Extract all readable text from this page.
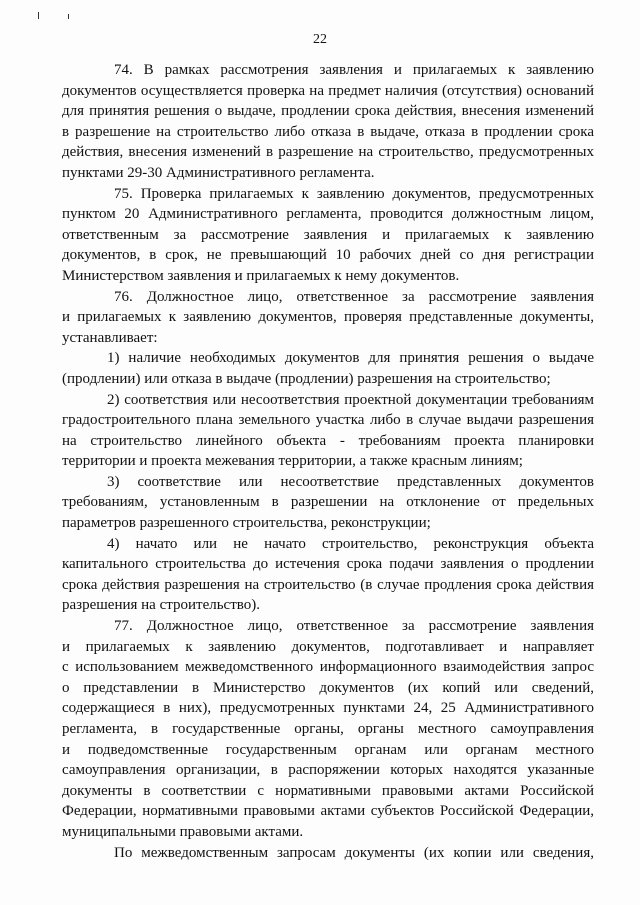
22
74. В рамках рассмотрения заявления и прилагаемых к заявлению
документов осуществляется проверка на предмет наличия (отсутствия) оснований
для принятия решения о выдаче, продлении срока действия, внесения изменений
в разрешение на строительство либо отказа в выдаче, отказа в продлении срока
действия, внесения изменений в разрешение на строительство, предусмотренных
пунктами 29-30 Административного регламента.
75. Проверка прилагаемых к заявлению документов, предусмотренных
пунктом 20 Административного регламента, проводится должностным лицом,
ответственным за рассмотрение заявления и прилагаемых к заявлению
документов, в срок, не превышающий 10 рабочих дней со дня регистрации
Министерством заявления и прилагаемых к нему документов.
76. Должностное лицо, ответственное за рассмотрение заявления
и прилагаемых к заявлению документов, проверяя представленные документы,
устанавливает:
1) наличие необходимых документов для принятия решения о выдаче
(продлении) или отказа в выдаче (продлении) разрешения на строительство;
2) соответствия или несоответствия проектной документации требованиям
градостроительного плана земельного участка либо в случае выдачи разрешения
на строительство линейного объекта - требованиям проекта планировки
территории и проекта межевания территории, а также красным линиям;
3) соответствие или несоответствие представленных документов
требованиям, установленным в разрешении на отклонение от предельных
параметров разрешенного строительства, реконструкции;
4) начато или не начато строительство, реконструкция объекта
капитального строительства до истечения срока подачи заявления о продлении
срока действия разрешения на строительство (в случае продления срока действия
разрешения на строительство).
77. Должностное лицо, ответственное за рассмотрение заявления
и прилагаемых к заявлению документов, подготавливает и направляет
с использованием межведомственного информационного взаимодействия запрос
о представлении в Министерство документов (их копий или сведений,
содержащиеся в них), предусмотренных пунктами 24, 25 Административного
регламента, в государственные органы, органы местного самоуправления
и подведомственные государственным органам или органам местного
самоуправления организации, в распоряжении которых находятся указанные
документы в соответствии с нормативными правовыми актами Российской
Федерации, нормативными правовыми актами субъектов Российской Федерации,
муниципальными правовыми актами.
По межведомственным запросам документы (их копии или сведения,
